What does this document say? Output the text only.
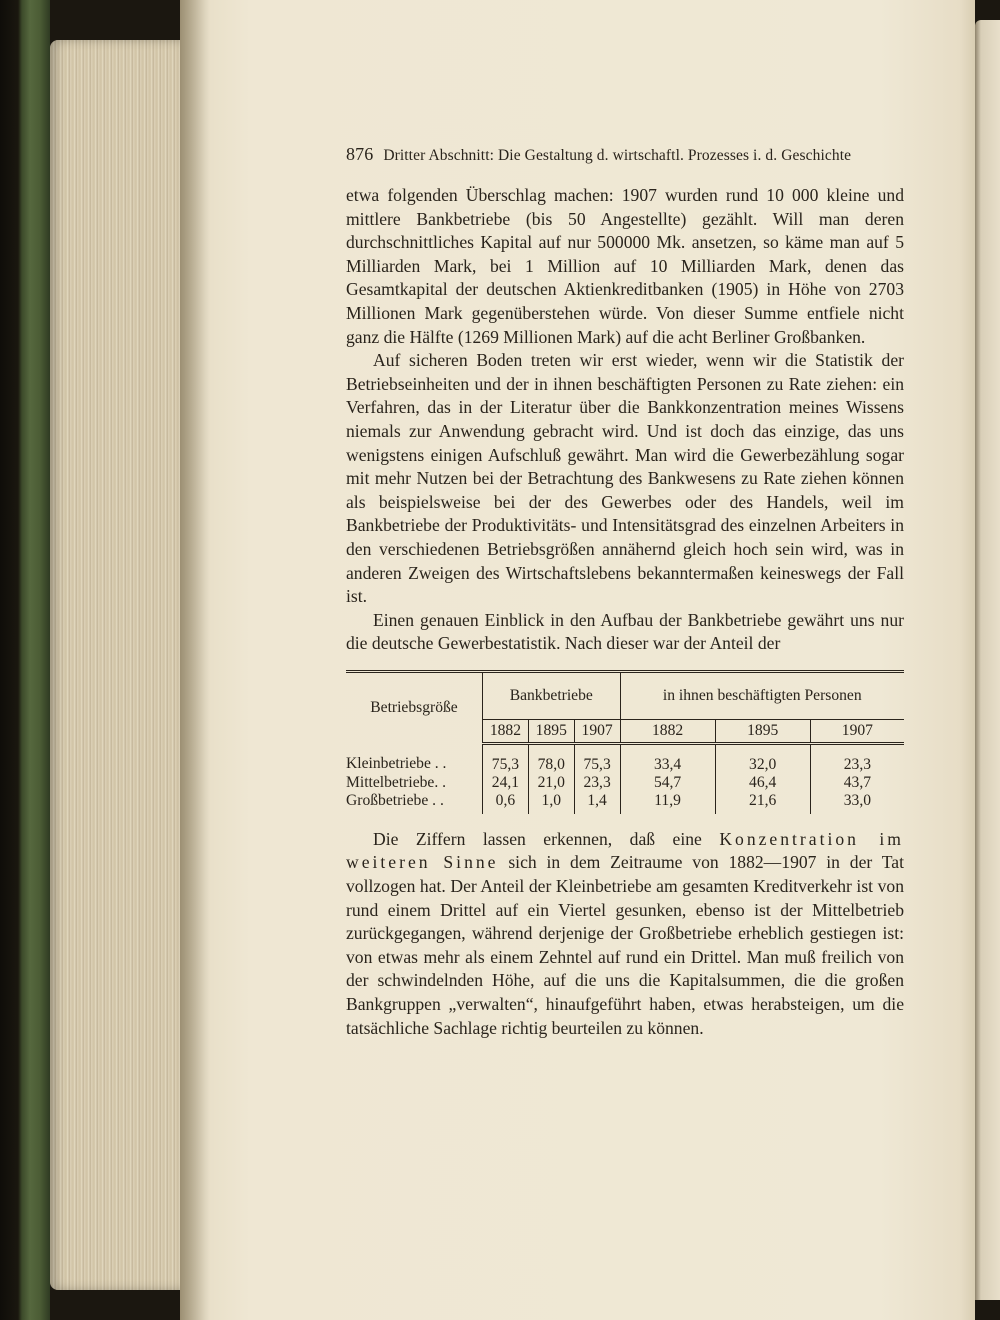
876 Dritter Abschnitt: Die Gestaltung d. wirtschaftl. Prozesses i. d. Geschichte

etwa folgenden Überschlag machen: 1907 wurden rund 10 000 kleine und mittlere Bankbetriebe (bis 50 Angestellte) gezählt. Will man deren durchschnittliches Kapital auf nur 500000 Mk. ansetzen, so käme man auf 5 Milliarden Mark, bei 1 Million auf 10 Milliarden Mark, denen das Gesamtkapital der deutschen Aktienkreditbanken (1905) in Höhe von 2703 Millionen Mark gegenüberstehen würde. Von dieser Summe entfiele nicht ganz die Hälfte (1269 Millionen Mark) auf die acht Berliner Großbanken.

Auf sicheren Boden treten wir erst wieder, wenn wir die Statistik der Betriebseinheiten und der in ihnen beschäftigten Personen zu Rate ziehen: ein Verfahren, das in der Literatur über die Bankkonzentration meines Wissens niemals zur Anwendung gebracht wird. Und ist doch das einzige, das uns wenigstens einigen Aufschluß gewährt. Man wird die Gewerbezählung sogar mit mehr Nutzen bei der Betrachtung des Bankwesens zu Rate ziehen können als beispielsweise bei der des Gewerbes oder des Handels, weil im Bankbetriebe der Produktivitäts- und Intensitätsgrad des einzelnen Arbeiters in den verschiedenen Betriebsgrößen annähernd gleich hoch sein wird, was in anderen Zweigen des Wirtschaftslebens bekanntermaßen keineswegs der Fall ist.

Einen genauen Einblick in den Aufbau der Bankbetriebe gewährt uns nur die deutsche Gewerbestatistik. Nach dieser war der Anteil der

Betriebsgröße	Bankbetriebe			in ihnen beschäftigten Personen		
	1882	1895	1907	1882	1895	1907
Kleinbetriebe . .	75,3	78,0	75,3	33,4	32,0	23,3
Mittelbetriebe. .	24,1	21,0	23,3	54,7	46,4	43,7
Großbetriebe . .	0,6	1,0	1,4	11,9	21,6	33,0

Die Ziffern lassen erkennen, daß eine Konzentration im weiteren Sinne sich in dem Zeitraume von 1882—1907 in der Tat vollzogen hat. Der Anteil der Kleinbetriebe am gesamten Kreditverkehr ist von rund einem Drittel auf ein Viertel gesunken, ebenso ist der Mittelbetrieb zurückgegangen, während derjenige der Großbetriebe erheblich gestiegen ist: von etwas mehr als einem Zehntel auf rund ein Drittel. Man muß freilich von der schwindelnden Höhe, auf die uns die Kapitalsummen, die die großen Bankgruppen „verwalten“, hinaufgeführt haben, etwas herabsteigen, um die tatsächliche Sachlage richtig beurteilen zu können.
